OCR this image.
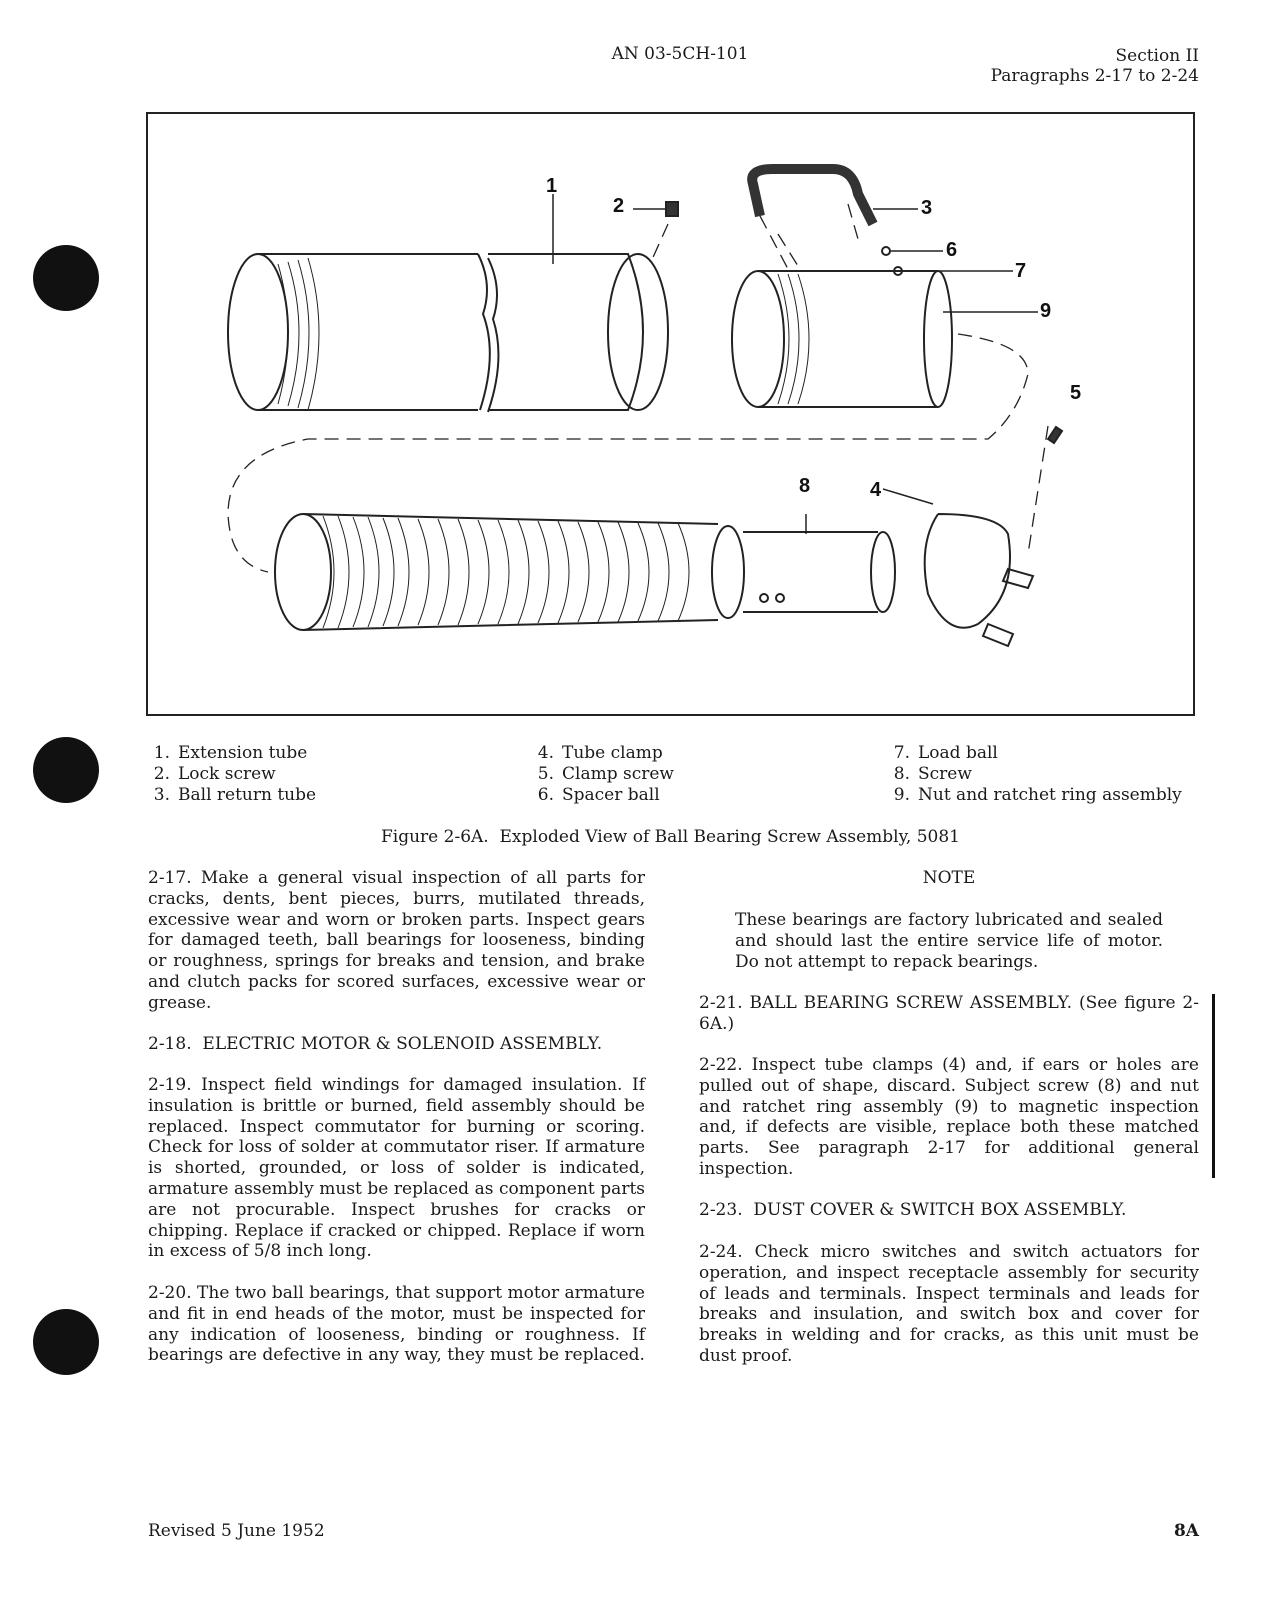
AN 03-5CH-101	Section II
Paragraphs 2-17 to 2-24
1
2	3
4
5
6
7
8
9
1. Extension tube
2. Lock screw
3. Ball return tube
4. Tube clamp
5. Clamp screw
6. Spacer ball
7. Load ball
8. Screw
9. Nut and ratchet ring assembly
Figure 2-6A.  Exploded View of Ball Bearing Screw Assembly, 5081
2-17. Make a general visual inspection of all parts for cracks, dents, bent pieces, burrs, mutilated threads, excessive wear and worn or broken parts. Inspect gears for damaged teeth, ball bearings for looseness, binding or roughness, springs for breaks and tension, and brake and clutch packs for scored surfaces, excessive wear or grease.
2-18.  ELECTRIC MOTOR & SOLENOID ASSEMBLY.
2-19. Inspect field windings for damaged insulation. If insulation is brittle or burned, field assembly should be replaced. Inspect commutator for burning or scoring. Check for loss of solder at commutator riser. If armature is shorted, grounded, or loss of solder is indicated, armature assembly must be replaced as component parts are not procurable. Inspect brushes for cracks or chipping. Replace if cracked or chipped. Replace if worn in excess of 5/8 inch long.
2-20. The two ball bearings, that support motor armature and fit in end heads of the motor, must be inspected for any indication of looseness, binding or roughness. If bearings are defective in any way, they must be replaced.
NOTE
These bearings are factory lubricated and sealed and should last the entire service life of motor. Do not attempt to repack bearings.
2-21. BALL BEARING SCREW ASSEMBLY. (See figure 2-6A.)
2-22. Inspect tube clamps (4) and, if ears or holes are pulled out of shape, discard. Subject screw (8) and nut and ratchet ring assembly (9) to magnetic inspection and, if defects are visible, replace both these matched parts. See paragraph 2-17 for additional general inspection.
2-23.  DUST COVER & SWITCH BOX ASSEMBLY.
2-24. Check micro switches and switch actuators for operation, and inspect receptacle assembly for security of leads and terminals. Inspect terminals and leads for breaks and insulation, and switch box and cover for breaks in welding and for cracks, as this unit must be dust proof.
Revised 5 June 1952	8A
